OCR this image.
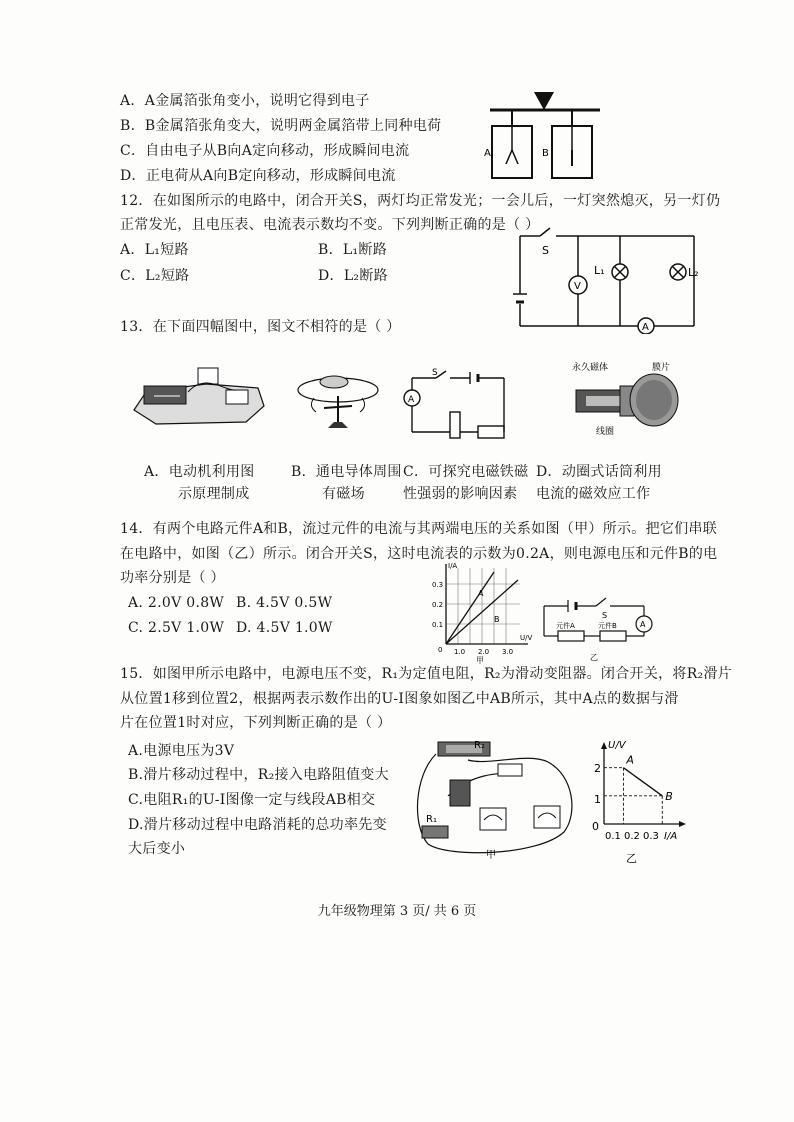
A．A金属箔张角变小，说明它得到电子
B．B金属箔张角变大，说明两金属箔带上同种电荷
C．自由电子从B向A定向移动，形成瞬间电流
D．正电荷从A向B定向移动，形成瞬间电流
A	B
12．在如图所示的电路中，闭合开关S，两灯均正常发光；一会儿后，一灯突然熄灭，另一灯仍
正常发光，且电压表、电流表示数均不变。下列判断正确的是（ ）
A．L₁短路	B．L₁断路
C．L₂短路	D．L₂断路
S
V
L₁	L₂
A
13．在下面四幅图中，图文不相符的是（ ）
S
A
永久磁体	膜片
线圈
A．电动机利用图
示原理制成
B．通电导体周围
有磁场
C．可探究电磁铁磁
性强弱的影响因素
D．动圈式话筒利用
电流的磁效应工作
14．有两个电路元件A和B，流过元件的电流与其两端电压的关系如图（甲）所示。把它们串联
在电路中，如图（乙）所示。闭合开关S，这时电流表的示数为0.2A，则电源电压和元件B的电
功率分别是（ ）
A. 2.0V 0.8W B. 4.5V 0.5W
C. 2.5V 1.0W D. 4.5V 1.0W
I/A
U/V
0.3
0.2
0.1
0 1.0 2.0 3.0
A
B
甲
S
A
元件A	元件B
乙
15．如图甲所示电路中，电源电压不变，R₁为定值电阻，R₂为滑动变阻器。闭合开关，将R₂滑片
从位置1移到位置2，根据两表示数作出的U-I图象如图乙中AB所示，其中A点的数据与滑
片在位置1时对应，下列判断正确的是（ ）
A.电源电压为3V
B.滑片移动过程中，R₂接入电路阻值变大
C.电阻R₁的U-I图像一定与线段AB相交
D.滑片移动过程中电路消耗的总功率先变
大后变小
R₂
R₁
甲
U/V
2
1
0
0.1 0.2 0.3 I/A
A
B
乙
九年级物理第 3 页/ 共 6 页
